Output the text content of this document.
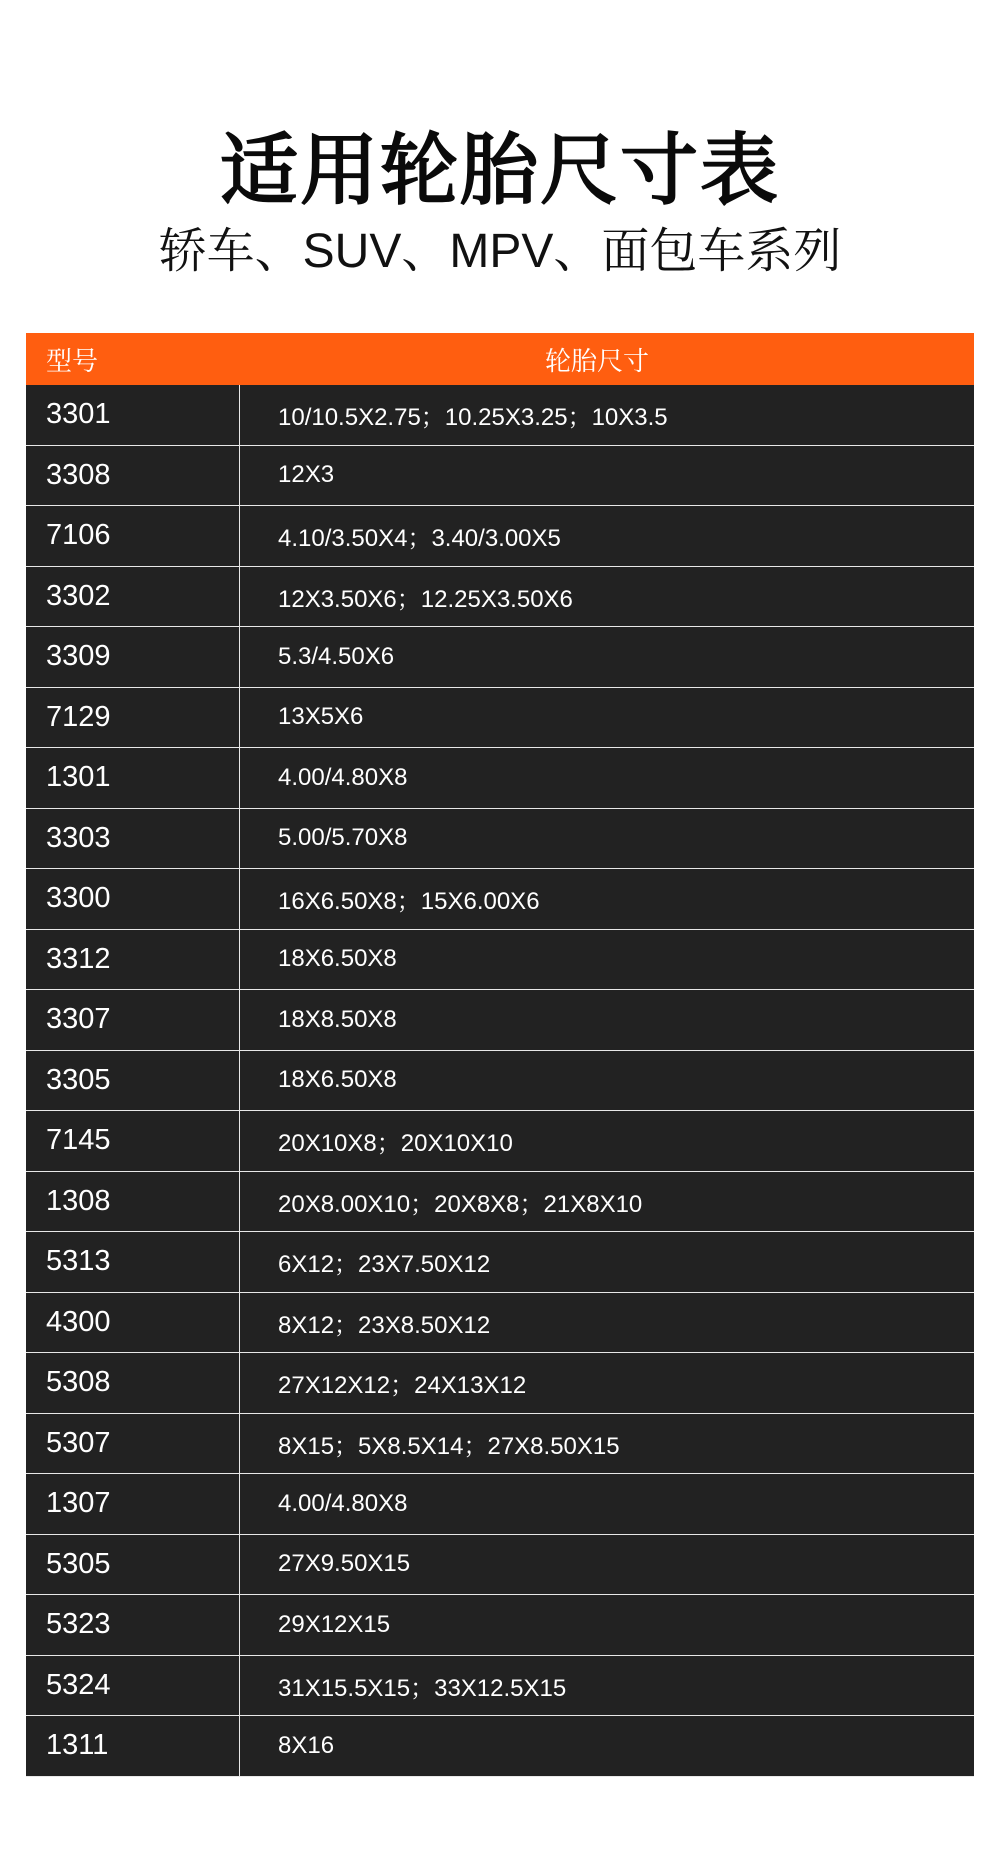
适用轮胎尺寸表
轿车、SUV、MPV、面包车系列
型号	轮胎尺寸
3301	10/10.5X2.75；10.25X3.25；10X3.5
3308	12X3
7106	4.10/3.50X4；3.40/3.00X5
3302	12X3.50X6；12.25X3.50X6
3309	5.3/4.50X6
7129	13X5X6
1301	4.00/4.80X8
3303	5.00/5.70X8
3300	16X6.50X8；15X6.00X6
3312	18X6.50X8
3307	18X8.50X8
3305	18X6.50X8
7145	20X10X8；20X10X10
1308	20X8.00X10；20X8X8；21X8X10
5313	6X12；23X7.50X12
4300	8X12；23X8.50X12
5308	27X12X12；24X13X12
5307	8X15；5X8.5X14；27X8.50X15
1307	4.00/4.80X8
5305	27X9.50X15
5323	29X12X15
5324	31X15.5X15；33X12.5X15
1311	8X16
